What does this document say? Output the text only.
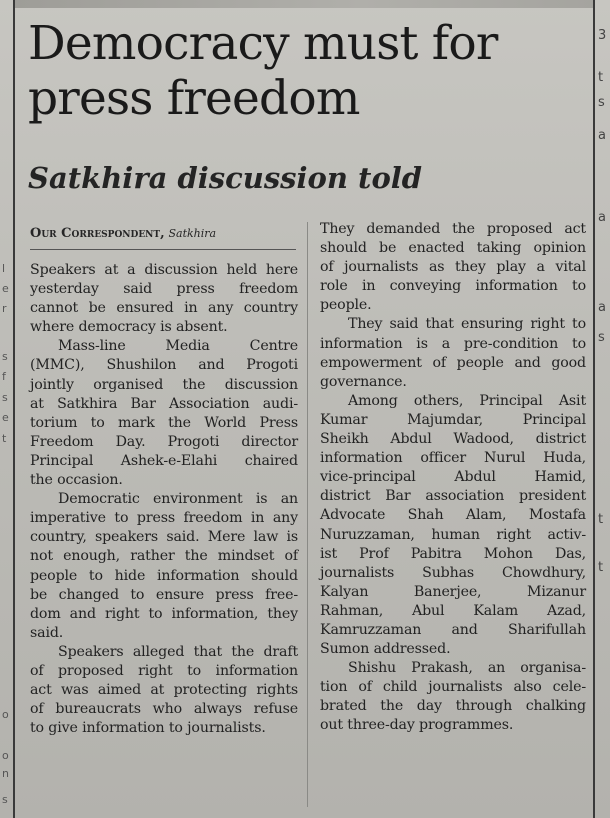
l
e
r
s
f
s
e
t
o
o
n
s
3
t
s
a
a
a
s
t
t
Democracy must for
press freedom
Satkhira discussion told
Our Correspondent, Satkhira

Speakers at a discussion held here

yesterday said press freedom

cannot be ensured in any country

where democracy is absent.

Mass-line Media Centre

(MMC), Shushilon and Progoti

jointly organised the discussion

at Satkhira Bar Association audi-

torium to mark the World Press

Freedom Day. Progoti director

Principal Ashek-e-Elahi chaired

the occasion.

Democratic environment is an

imperative to press freedom in any

country, speakers said. Mere law is

not enough, rather the mindset of

people to hide information should

be changed to ensure press free-

dom and right to information, they

said.

Speakers alleged that the draft

of proposed right to information

act was aimed at protecting rights

of bureaucrats who always refuse

to give information to journalists.

They demanded the proposed act

should be enacted taking opinion

of journalists as they play a vital

role in conveying information to

people.

They said that ensuring right to

information is a pre-condition to

empowerment of people and good

governance.

Among others, Principal Asit

Kumar Majumdar, Principal

Sheikh Abdul Wadood, district

information officer Nurul Huda,

vice-principal Abdul Hamid,

district Bar association president

Advocate Shah Alam, Mostafa

Nuruzzaman, human right activ-

ist Prof Pabitra Mohon Das,

journalists Subhas Chowdhury,

Kalyan Banerjee, Mizanur

Rahman, Abul Kalam Azad,

Kamruzzaman and Sharifullah

Sumon addressed.

Shishu Prakash, an organisa-

tion of child journalists also cele-

brated the day through chalking

out three-day programmes.
